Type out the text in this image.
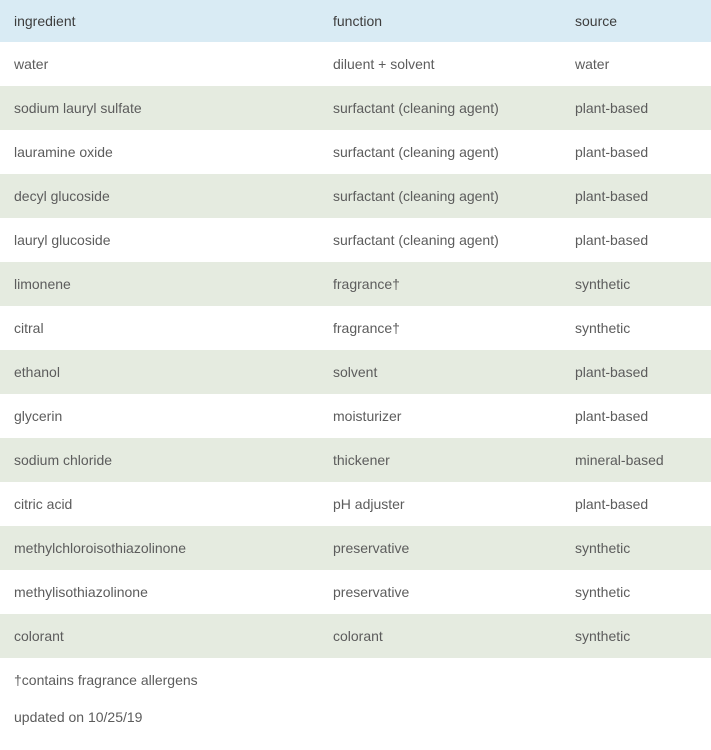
ingredient	function	source
water	diluent + solvent	water
sodium lauryl sulfate	surfactant (cleaning agent)	plant-based
lauramine oxide	surfactant (cleaning agent)	plant-based
decyl glucoside	surfactant (cleaning agent)	plant-based
lauryl glucoside	surfactant (cleaning agent)	plant-based
limonene	fragrance†	synthetic
citral	fragrance†	synthetic
ethanol	solvent	plant-based
glycerin	moisturizer	plant-based
sodium chloride	thickener	mineral-based
citric acid	pH adjuster	plant-based
methylchloroisothiazolinone	preservative	synthetic
methylisothiazolinone	preservative	synthetic
colorant	colorant	synthetic
†contains fragrance allergens
updated on 10/25/19
